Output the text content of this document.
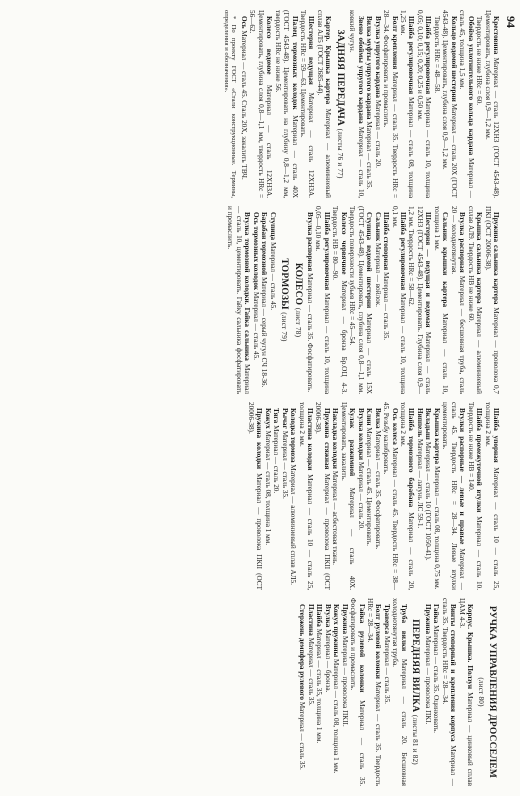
94

Крестовина Материал — сталь 12ХН3 (ГОСТ 4543-48). Цементировать, глубина слоя 0,9—1,2 мм.

Твердость не ниже HRc = 60.

Обойма уплотнительного кольца кардана Материал — сталь 45, толщина 1,5 мм.

Кольцо ведомой шестерни Материал — сталь 20Х (ГОСТ 4543-48). Цементировать, глубина слоя 0,9—1,2 мм.

Твердость HRc = 48—58.

Шайба регулировочная Материал — сталь 10, толщина 0,05; 0,10; 0,15; 0,20; 0,25 и 0,50 мм.

Шайба регулировочная Материал — сталь 08, толщина 1,25 мм.

Болт крепления Материал — сталь 35. Твердость HRc = 28—34. Фосфатировать и промаслить.

Втулка упругого кардана Материал — сталь 20.

Вилка муфты упругого кардана Материал — сталь 35.

Звено обоймы упругого кардана Материал — сталь 10, ковкий чугун.

ЗАДНЯЯ ПЕРЕДАЧА (листы 76 и 77)

Картер. Крышка картера Материал — алюминиевый сплав АЛ5 (ГОСТ 2685-44).

Шестерня ведущая Материал — сталь 12ХН3А. Твердость HRc = 59—63. Цементировать.

Палец тормозных колодок Материал — сталь 40Х (ГОСТ 4543-48). Цементировать на глубину 0,8—1,2 мм, твердость HRc не ниже 56.

Колесо ведомое Материал — сталь 12ХН3А. Цементировать, глубина слоя 0,8—1,1 мм, твердость HRc = 56—62.

Ось Материал — сталь 45. Сталь 20Х, закалить ТВЧ.

* По проекту ГОСТ «Стали конструкционные. Термины, определения и обозначения».

Пружина сальника картера Материал — проволока 0,7 ПКI (ОСТ 20006-38).

Крышка сальника картера Материал — алюминиевый сплав АЛ9. Твердость HB не ниже 60.

Втулка распорная Материал — бесшовная труба, сталь 20 — холоднотянутая.

Сальник крышки картера Материал — сталь 10, толщина 1 мм.

Шестерня — ведущая и ведомая Материал — сталь 12ХН3 (ГОСТ 4543-48). Цементировать. Глубина слоя 0,9—1,2 мм. Твердость HRc = 58—62.

Шайба регулировочная Материал — сталь 10, толщина 0,1 мм.

Шайба стопорная Материал — сталь 35.

Сальник Материал — войлок.

Ступица ведомой шестерни Материал — сталь 15Х (ГОСТ 4543-48). Цементировать, глубина слоя 0,8—1,1 мм. Твердость поверхности зубьев HRc = 45—54.

Колесо червячное Материал — бронза Бр.ОЦ 4-3. Твердость HB = 80—90.

Шайба регулировочная Материал — сталь 10, толщина 0,05—0,10 мм.

Втулка распорная Материал — сталь 35. Фосфатировать.

КОЛЕСО (лист 78)

ТОРМОЗЫ (лист 79)

Ступица Материал — сталь 45.

Барабан тормозной Материал — серый чугун СЧ 18-36.

Ось тормозных колодок Материал — сталь 45.

Втулка тормозной колодки. Гайка сальника Материал — сталь 10, цементировать. Гайку сальника фосфатировать и промаслить.

Шайба упорная Материал — сталь 10 — сталь 25, толщина 2 мм.

Шайба промежуточной втулки Материал — сталь 10. Твердость не ниже HB = 140.

Втулки распорные — левые и правые Материал — сталь 45. Твердость HRc = 28—34. Левые втулки цементировать.

Крышка картера Материал — сталь 08, толщина 0,75 мм.

Вкладыш Материал — сталь 10 (ГОСТ 1050-41).

Ниппель Материал — латунь ЛС 59-1.

Шайба тормозного барабана Материал — сталь 20, толщина 2 мм.

Ось колеса Материал — сталь 45. Твердость HRc = 38—45. Резьбу калибровать.

Вилка Материал — сталь 35. Фосфатировать.

Клин Материал — сталь 45. Цементировать.

Втулка колодки Материал — сталь 20.

Кулак разжимной Материал — сталь 40Х. Цементировать, закалить.

Накладка колодки Материал — асбестовая ткань.

Пружина стяжная Материал — проволока ПКII (ОСТ 20006-38).

Пластина колодки Материал — сталь 10 — сталь 25, толщина 2 мм.

Колодка тормоза Материал — алюминиевый сплав АЛ5.

Рычаг Материал — сталь 35.

Тяга Материал — сталь 20.

Кожух Материал — сталь 08, толщина 1 мм.

Пружина колодки Материал — проволока ПКII (ОСТ 20006-38).

РУЧКА УПРАВЛЕНИЯ ДРОССЕЛЕМ (лист 80)

Корпус. Крышка. Ползун Материал — цинковый сплав ЦАМ 4-3.

Винты стопорный и крепления корпуса Материал — сталь 35. Твердость HRc = 28—34.

Гайка Материал — сталь 35. Оцинковать.

Пружина Материал — проволока ПКI.

ПЕРЕДНЯЯ ВИЛКА (листы 81 и 82)

Труба вилки Материал — сталь 20. Бесшовная холоднотянутая труба.

Траверса Материал — сталь 35.

Болт рулевой колонки Материал — сталь 35. Твердость HRc = 28—34.

Гайка рулевой колонки Материал — сталь 35. Фосфатировать и промаслить.

Пружина Материал — проволока ПКII.

Кожух пружины Материал — сталь 08, толщина 1 мм.

Втулка Материал — бронза.

Шайба Материал — сталь 35, толщина 1 мм.

Пластина Материал — сталь 35.

Стержень демпфера рулевого Материал — сталь 35.
